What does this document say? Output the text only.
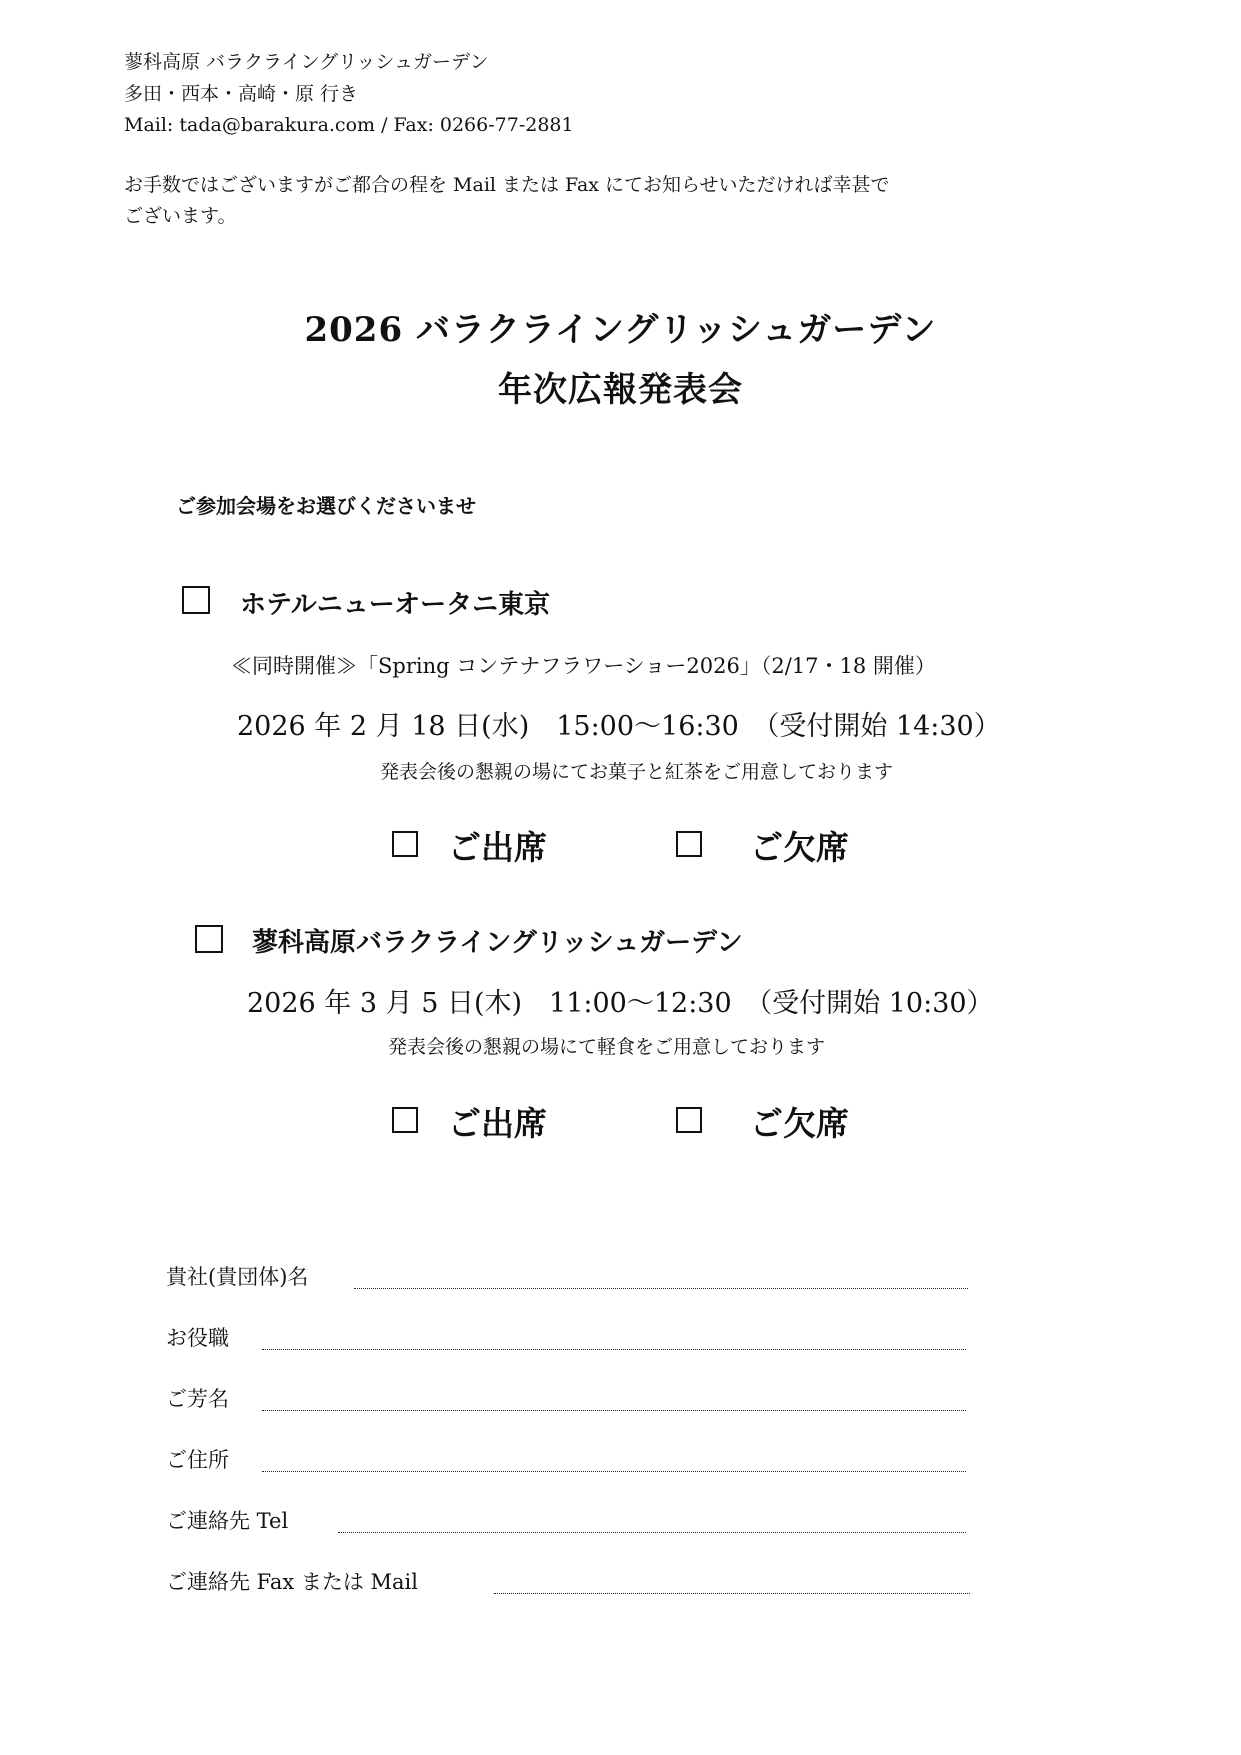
蓼科高原 バラクライングリッシュガーデン
多田・西本・高崎・原 行き
Mail: tada@barakura.com / Fax: 0266-77-2881
お手数ではございますがご都合の程を Mail または Fax にてお知らせいただければ幸甚で
ございます。
2026 バラクライングリッシュガーデン
年次広報発表会
ご参加会場をお選びくださいませ
ホテルニューオータニ東京
≪同時開催≫「Spring コンテナフラワーショー2026」（2/17・18 開催）
2026 年 2 月 18 日(水)　15:00〜16:30　（受付開始 14:30）
発表会後の懇親の場にてお菓子と紅茶をご用意しております
ご出席	ご欠席
蓼科高原バラクライングリッシュガーデン
2026 年 3 月 5 日(木)　11:00〜12:30　（受付開始 10:30）
発表会後の懇親の場にて軽食をご用意しております
ご出席	ご欠席
貴社(貴団体)名
お役職
ご芳名
ご住所
ご連絡先 Tel
ご連絡先 Fax または Mail
